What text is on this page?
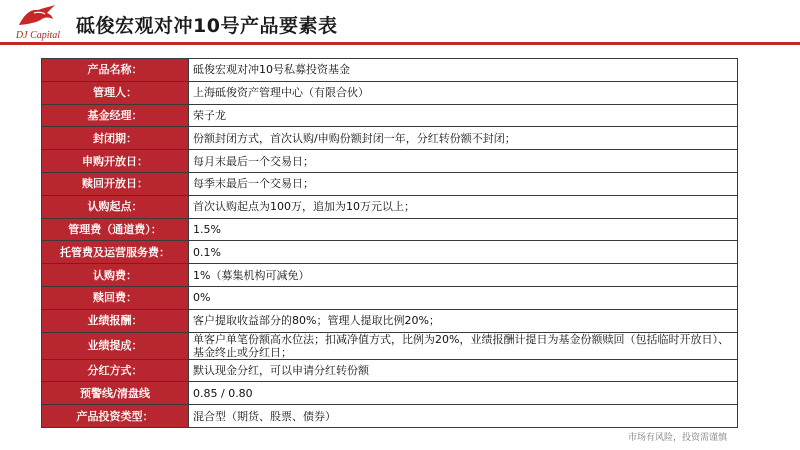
DJ Capital 砥俊宏观对冲10号产品要素表
产品名称：	砥俊宏观对冲10号私募投资基金
管理人：	上海砥俊资产管理中心（有限合伙）
基金经理：	荣子龙
封闭期：	份额封闭方式，首次认购/申购份额封闭一年，分红转份额不封闭；
申购开放日：	每月末最后一个交易日；
赎回开放日：	每季末最后一个交易日；
认购起点：	首次认购起点为100万，追加为10万元以上；
管理费（通道费）：	1.5%
托管费及运营服务费：	0.1%
认购费：	1%（募集机构可减免）
赎回费：	0%
业绩报酬：	客户提取收益部分的80%；管理人提取比例20%；
业绩提成：	单客户单笔份额高水位法；扣减净值方式，比例为20%，业绩报酬计提日为基金份额赎回（包括临时开放日）、基金终止或分红日；
分红方式：	默认现金分红，可以申请分红转份额
预警线/清盘线	0.85 / 0.80
产品投资类型：	混合型（期货、股票、债券）
市场有风险，投资需谨慎
